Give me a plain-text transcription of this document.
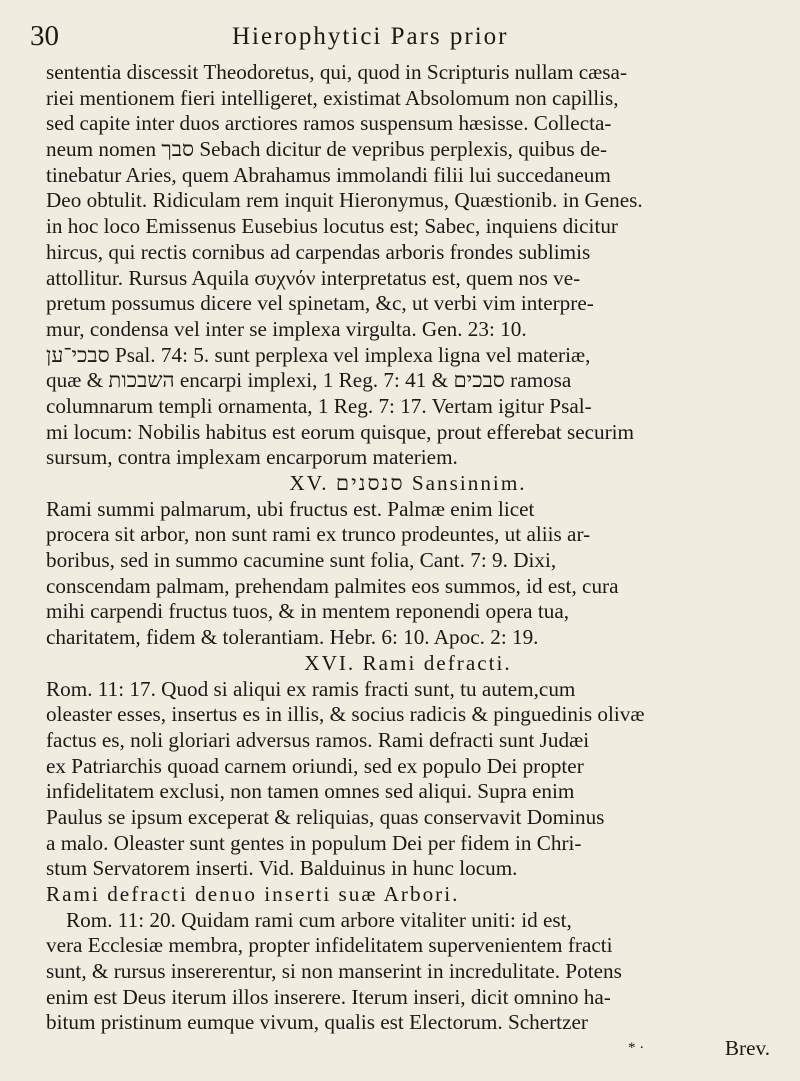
30	Hierophytici Pars prior
sententia discessit Theodoretus, qui, quod in Scripturis nullam cæsa-
riei mentionem fieri intelligeret, existimat Absolomum non capillis,
sed capite inter duos arctiores ramos suspensum hæsisse. Collecta-
neum nomen סבך Sebach dicitur de vepribus perplexis, quibus de-
tinebatur Aries, quem Abrahamus immolandi filii lui succedaneum
Deo obtulit. Ridiculam rem inquit Hieronymus, Quæstionib. in Genes.
in hoc loco Emissenus Eusebius locutus est; Sabec, inquiens dicitur
hircus, qui rectis cornibus ad carpendas arboris frondes sublimis
attollitur. Rursus Aquila συχνόν interpretatus est, quem nos ve-
pretum possumus dicere vel spinetam, &c, ut verbi vim interpre-
mur, condensa vel inter se implexa virgulta. Gen. 23: 10.
סבכי־ען Psal. 74: 5. sunt perplexa vel implexa ligna vel materiæ,
quæ & השבכות encarpi implexi, 1 Reg. 7: 41 & סבכים ramosa
columnarum templi ornamenta, 1 Reg. 7: 17. Vertam igitur Psal-
mi locum: Nobilis habitus est eorum quisque, prout efferebat securim
sursum, contra implexam encarporum materiem.
XV. סנסנים Sansinnim.
Rami summi palmarum, ubi fructus est. Palmæ enim licet
procera sit arbor, non sunt rami ex trunco prodeuntes, ut aliis ar-
boribus, sed in summo cacumine sunt folia, Cant. 7: 9. Dixi,
conscendam palmam, prehendam palmites eos summos, id est, cura
mihi carpendi fructus tuos, & in mentem reponendi opera tua,
charitatem, fidem & tolerantiam. Hebr. 6: 10. Apoc. 2: 19.
XVI. Rami defracti.
Rom. 11: 17. Quod si aliqui ex ramis fracti sunt, tu autem,cum
oleaster esses, insertus es in illis, & socius radicis & pinguedinis olivæ
factus es, noli gloriari adversus ramos. Rami defracti sunt Judæi
ex Patriarchis quoad carnem oriundi, sed ex populo Dei propter
infidelitatem exclusi, non tamen omnes sed aliqui. Supra enim
Paulus se ipsum exceperat & reliquias, quas conservavit Dominus
a malo. Oleaster sunt gentes in populum Dei per fidem in Chri-
stum Servatorem inserti. Vid. Balduinus in hunc locum.
Rami defracti denuo inserti suæ Arbori.
Rom. 11: 20. Quidam rami cum arbore vitaliter uniti: id est,
vera Ecclesiæ membra, propter infidelitatem supervenientem fracti
sunt, & rursus insererentur, si non manserint in incredulitate. Potens
enim est Deus iterum illos inserere. Iterum inseri, dicit omnino ha-
bitum pristinum eumque vivum, qualis est Electorum. Schertzer
Brev.
* ·
